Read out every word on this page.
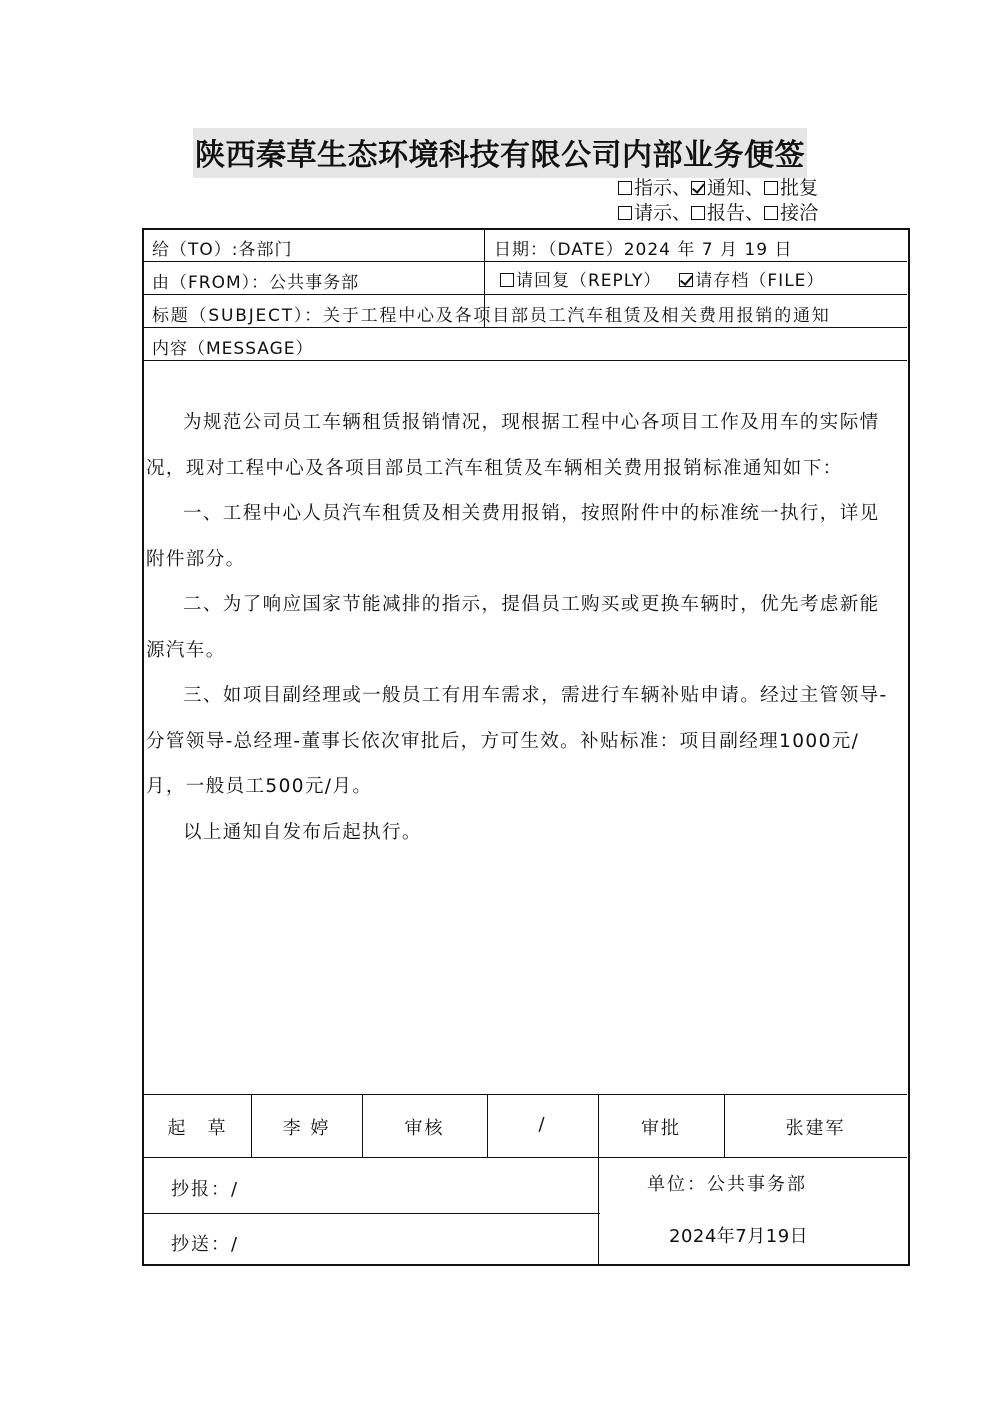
陕西秦草生态环境科技有限公司内部业务便签
指示、 通知、 批复
请示、 报告、 接洽
给（TO）:各部门	日期：（DATE）2024 年 7 月 19 日
由（FROM）：公共事务部	请回复（REPLY） 请存档（FILE）
标题（SUBJECT）：关于工程中心及各项目部员工汽车租赁及相关费用报销的通知
内容（MESSAGE）

为规范公司员工车辆租赁报销情况，现根据工程中心各项目工作及用车的实际情况，现对工程中心及各项目部员工汽车租赁及车辆相关费用报销标准通知如下：

一、工程中心人员汽车租赁及相关费用报销，按照附件中的标准统一执行，详见附件部分。

二、为了响应国家节能减排的指示，提倡员工购买或更换车辆时，优先考虑新能源汽车。

三、如项目副经理或一般员工有用车需求，需进行车辆补贴申请。经过主管领导-分管领导-总经理-董事长依次审批后，方可生效。补贴标准：项目副经理1000元/月，一般员工500元/月。

以上通知自发布后起执行。

起　草	李 婷	审核	/	审批	张建军
抄报：/
抄送：/
单位：公共事务部
2024年7月19日
